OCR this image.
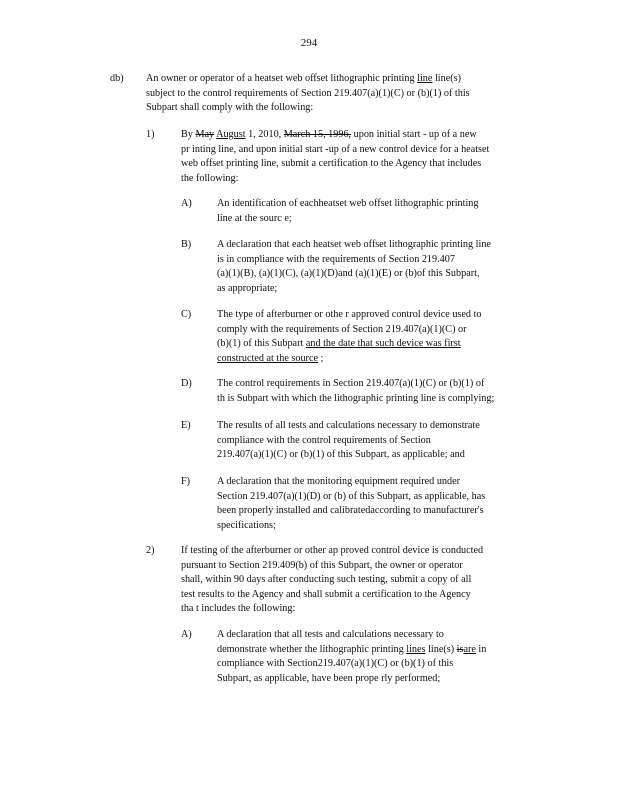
294
db) An owner or operator of a heatset web offset lithographic printing line line(s)
subject to the control requirements of Section 219.407(a)(1)(C) or (b)(1) of this
Subpart shall comply with the following:
1)	By May August 1, 2010, March 15, 1996, upon initial start - up of a new
pr inting line, and upon initial start -up of a new control device for a heatset
web offset printing line, submit a certification to the Agency that includes
the following:
A) An identification of eachheatset web offset lithographic printing
line at the sourc e;
B)	A declaration that each heatset web offset lithographic printing line
is in compliance with the requirements of Section 219.407
(a)(1)(B), (a)(1)(C), (a)(1)(D)and (a)(1)(E) or (b)of this Subpart,
as appropriate;
C)	The type of afterburner or othe r approved control device used to
comply with the requirements of Section 219.407(a)(1)(C) or
(b)(1) of this Subpart and the date that such device was first
constructed at the source ;
D) The control requirements in Section 219.407(a)(1)(C) or (b)(1) of
th is Subpart with which the lithographic printing line is complying;
E)	The results of all tests and calculations necessary to demonstrate
compliance with the control requirements of Section
219.407(a)(1)(C) or (b)(1) of this Subpart, as applicable; and
F)	A declaration that the monitoring equipment required under
Section 219.407(a)(1)(D) or (b) of this Subpart, as applicable, has
been properly installed and calibratedaccording to manufacturer's
specifications;
2)	If testing of the afterburner or other ap proved control device is conducted
pursuant to Section 219.409(b) of this Subpart, the owner or operator
shall, within 90 days after conducting such testing, submit a copy of all
test results to the Agency and shall submit a certification to the Agency
tha t includes the following:
A) A declaration that all tests and calculations necessary to
demonstrate whether the lithographic printing lines line(s) isare in
compliance with Section219.407(a)(1)(C) or (b)(1) of this
Subpart, as applicable, have been prope rly performed;
